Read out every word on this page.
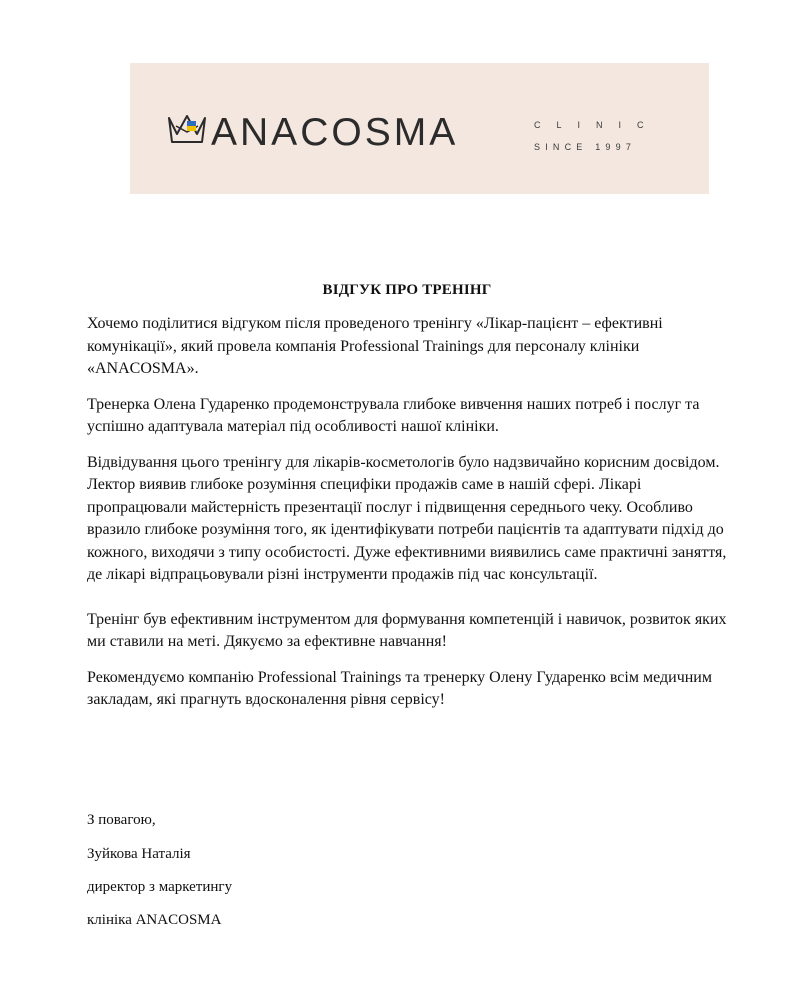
ANACOSMA	CLINIC
SINCE 1997

ВІДГУК ПРО ТРЕНІНГ

Хочемо поділитися відгуком після проведеного тренінгу «Лікар-пацієнт – ефективні комунікації», який провела компанія Professional Trainings для персоналу клініки «ANACOSMA».

Тренерка Олена Гударенко продемонструвала глибоке вивчення наших потреб і послуг та успішно адаптувала матеріал під особливості нашої клініки.

Відвідування цього тренінгу для лікарів-косметологів було надзвичайно корисним досвідом. Лектор виявив глибоке розуміння специфіки продажів саме в нашій сфері. Лікарі пропрацювали майстерність презентації послуг і підвищення середнього чеку. Особливо вразило глибоке розуміння того, як ідентифікувати потреби пацієнтів та адаптувати підхід до кожного, виходячи з типу особистості. Дуже ефективними виявились саме практичні заняття, де лікарі відпрацьовували різні інструменти продажів під час консультації.

Тренінг був ефективним інструментом для формування компетенцій і навичок, розвиток яких ми ставили на меті. Дякуємо за ефективне навчання!

Рекомендуємо компанію Professional Trainings та тренерку Олену Гударенко всім медичним закладам, які прагнуть вдосконалення рівня сервісу!

З повагою,
Зуйкова Наталія
директор з маркетингу
клініка ANACOSMA
